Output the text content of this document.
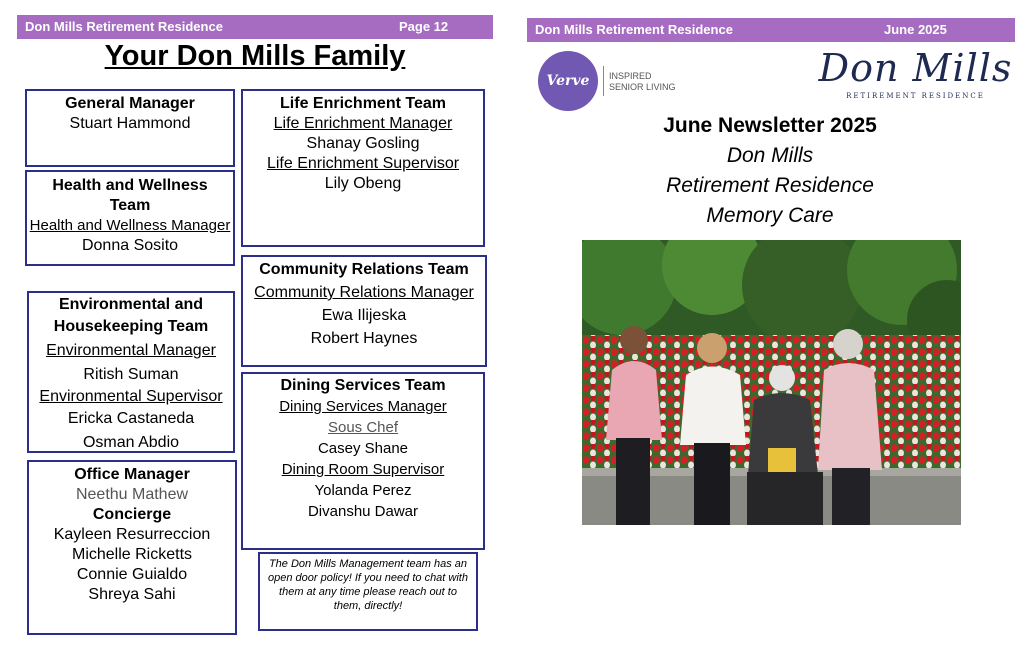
Don Mills Retirement Residence	Page 12
Your Don Mills Family
General Manager
Stuart Hammond
Health and Wellness
Team
Health and Wellness Manager
Donna Sosito
Environmental and
Housekeeping Team
Environmental Manager
Ritish Suman
Environmental Supervisor
Ericka Castaneda
Osman Abdio
Office Manager
Neethu Mathew
Concierge
Kayleen Resurreccion
Michelle Ricketts
Connie Guialdo
Shreya Sahi
Life Enrichment Team
Life Enrichment Manager
Shanay Gosling
Life Enrichment Supervisor
Lily Obeng
Community Relations Team
Community Relations Manager
Ewa Ilijeska
Robert Haynes
Dining Services Team
Dining Services Manager
Sous Chef
Casey Shane
Dining Room Supervisor
Yolanda Perez
Divanshu Dawar
The Don Mills Management team has an open door policy! If you need to chat with them at any time please reach out to them, directly!
Don Mills Retirement Residence	June 2025
Verve	INSPIRED
SENIOR LIVING	Don Mills
RETIREMENT RESIDENCE
June Newsletter 2025
Don Mills
Retirement Residence
Memory Care
